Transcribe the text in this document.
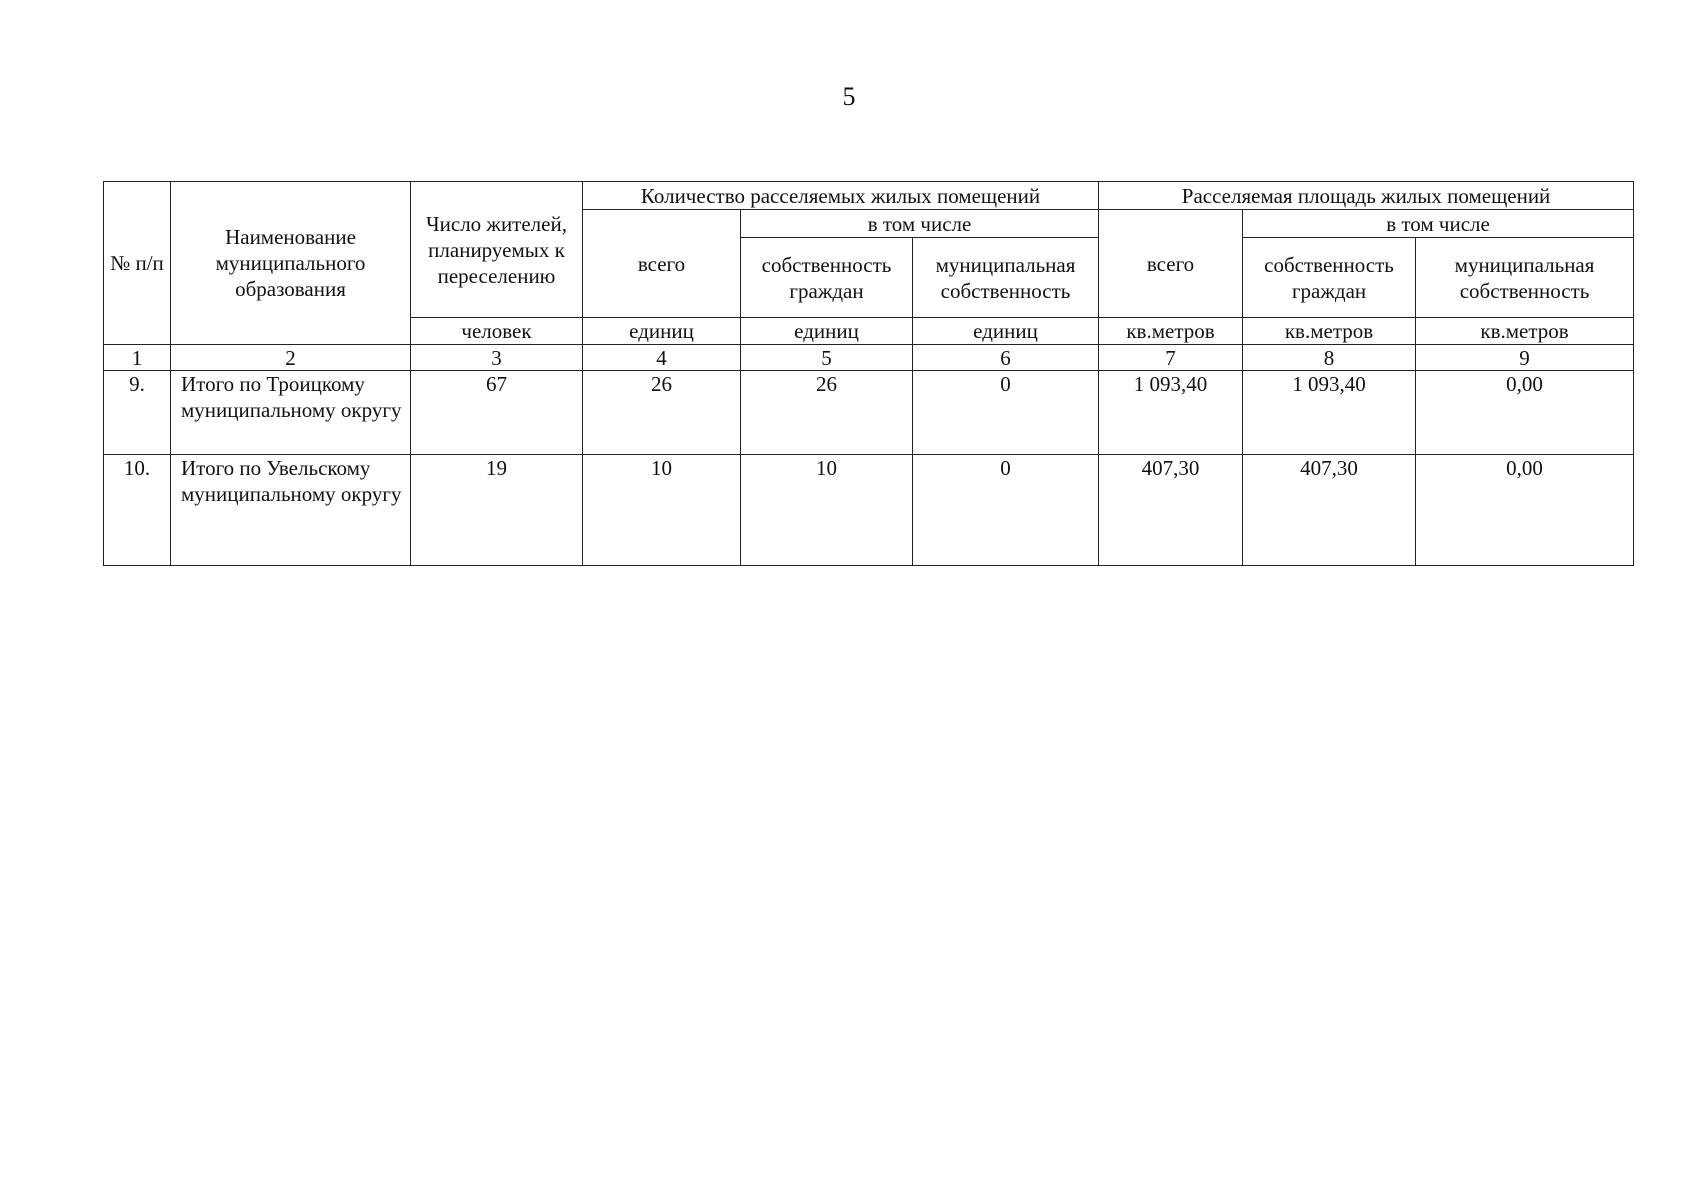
5
№ п/п	Наименование муниципального образования	Число жителей, планируемых к переселению	Количество расселяемых жилых помещений			Расселяемая площадь жилых помещений		
			всего	в том числе		всего	в том числе	
				собственность граждан	муниципальная собственность		собственность граждан	муниципальная собственность
		человек	единиц	единиц	единиц	кв.метров	кв.метров	кв.метров
1	2	3	4	5	6	7	8	9
9.	Итого по Троицкому муниципальному округу	67	26	26	0	1 093,40	1 093,40	0,00
10.	Итого по Увельскому муниципальному округу	19	10	10	0	407,30	407,30	0,00
